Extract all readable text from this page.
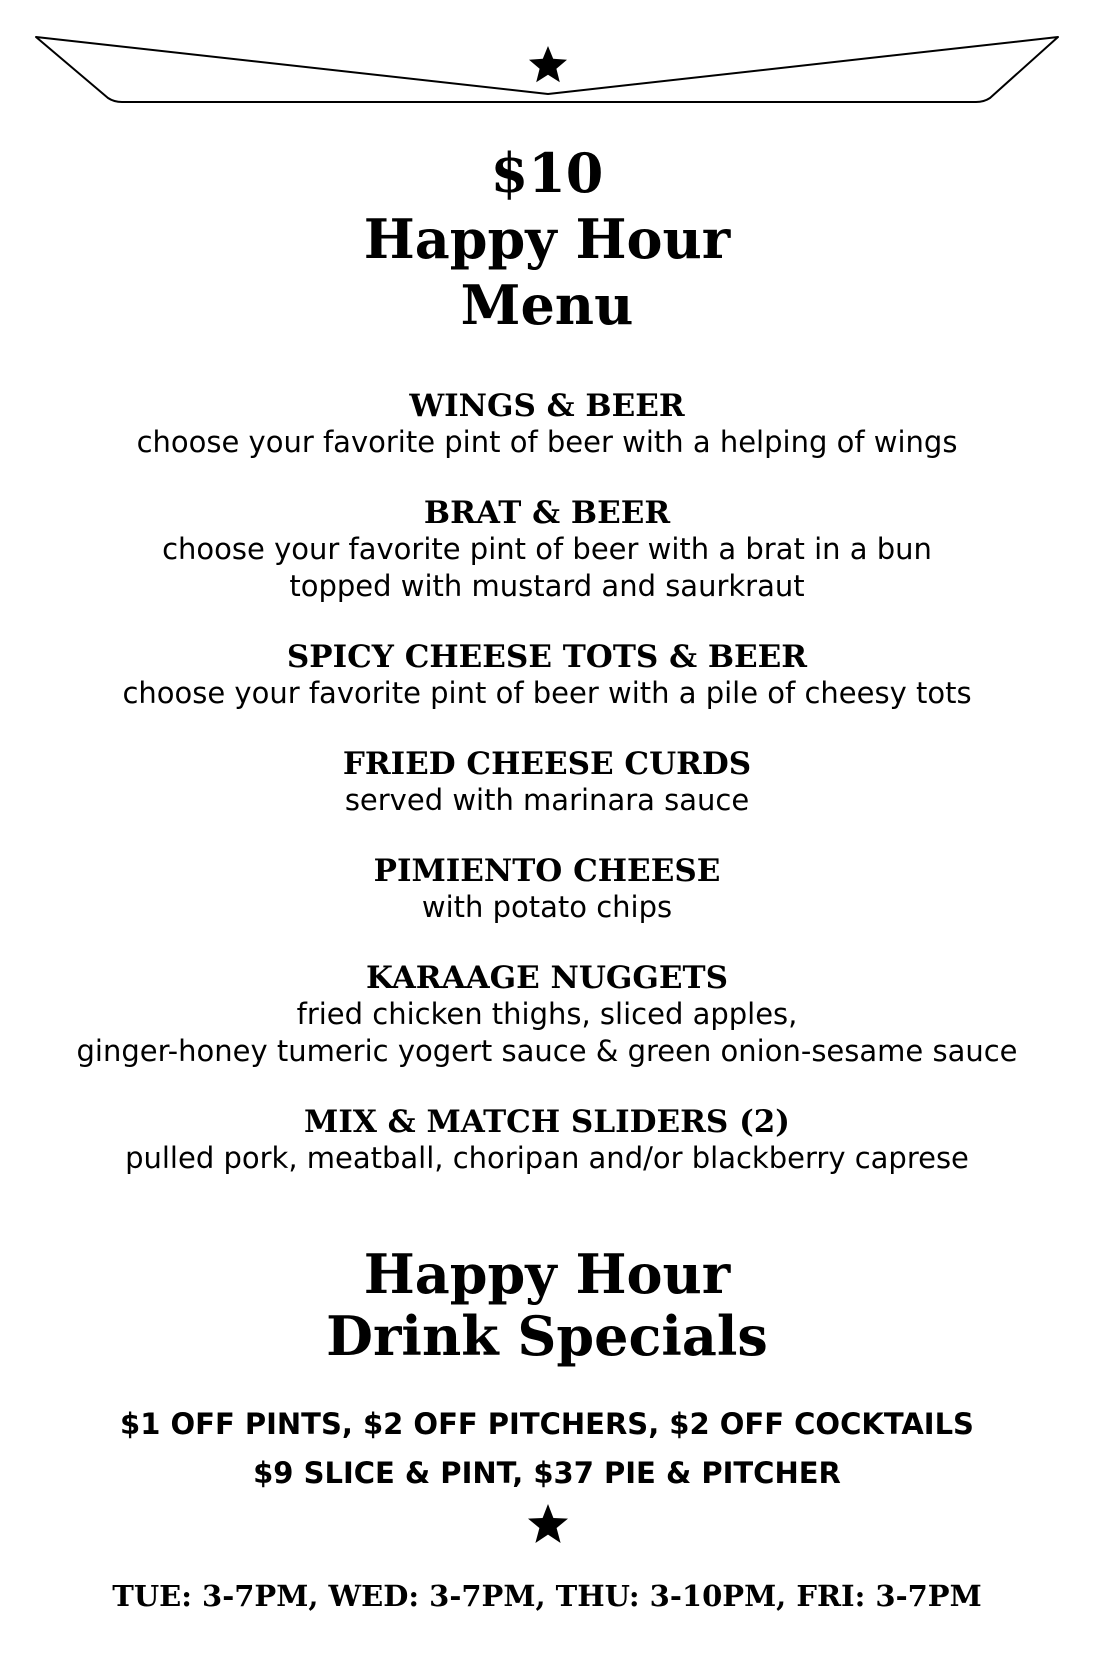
$10
Happy Hour
Menu
WINGS & BEER
choose your favorite pint of beer with a helping of wings
BRAT & BEER
choose your favorite pint of beer with a brat in a bun
topped with mustard and saurkraut
SPICY CHEESE TOTS & BEER
choose your favorite pint of beer with a pile of cheesy tots
FRIED CHEESE CURDS
served with marinara sauce
PIMIENTO CHEESE
with potato chips
KARAAGE NUGGETS
fried chicken thighs, sliced apples,
ginger-honey tumeric yogert sauce & green onion-sesame sauce
MIX & MATCH SLIDERS (2)
pulled pork, meatball, choripan and/or blackberry caprese
Happy Hour
Drink Specials
$1 OFF PINTS, $2 OFF PITCHERS, $2 OFF COCKTAILS
$9 SLICE & PINT, $37 PIE & PITCHER
TUE: 3-7PM, WED: 3-7PM, THU: 3-10PM, FRI: 3-7PM
